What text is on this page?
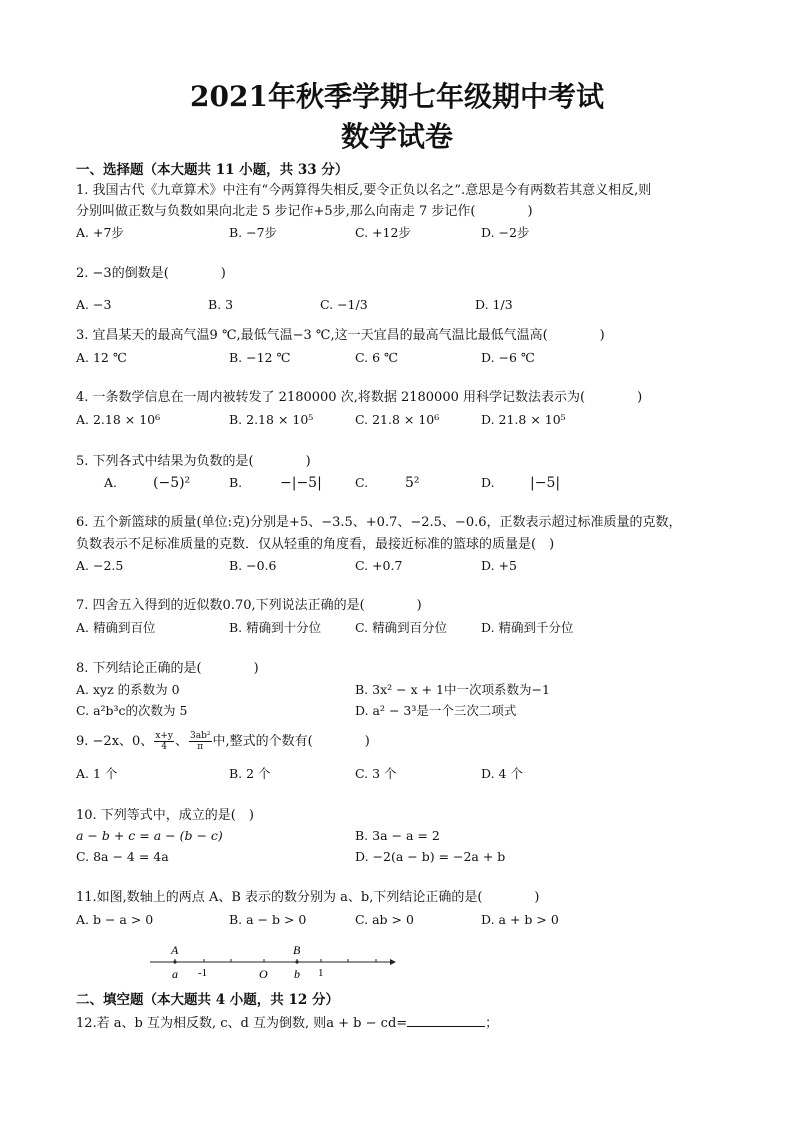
2021年秋季学期七年级期中考试
数学试卷
一、选择题（本大题共 11 小题，共 33 分）
1. 我国古代《九章算术》中注有“今两算得失相反,要令正负以名之”.意思是今有两数若其意义相反,则
分别叫做正数与负数如果向北走 5 步记作+5步,那么向南走 7 步记作(　　　　)
A. +7步	B. −7步	C. +12步	D. −2步
2. −3的倒数是(　　　　)
A. −3	B. 3	C. −1/3	D. 1/3
3. 宜昌某天的最高气温9 ℃,最低气温−3 ℃,这一天宜昌的最高气温比最低气温高(　　　　)
A. 12 ℃	B. −12 ℃	C. 6 ℃	D. −6 ℃
4. 一条数学信息在一周内被转发了 2180000 次,将数据 2180000 用科学记数法表示为(　　　　)
A. 2.18 × 10⁶	B. 2.18 × 10⁵	C. 21.8 × 10⁶	D. 21.8 × 10⁵
5. 下列各式中结果为负数的是(　　　　)
A.	(−5)²	B.	−|−5|	C.	5²	D.	|−5|
6. 五个新篮球的质量(单位:克)分别是+5、−3.5、+0.7、−2.5、−0.6，正数表示超过标准质量的克数，
负数表示不足标准质量的克数．仅从轻重的角度看，最接近标准的篮球的质量是(　)
A. −2.5	B. −0.6	C. +0.7	D. +5
7. 四舍五入得到的近似数0.70,下列说法正确的是(　　　　)
A. 精确到百位	B. 精确到十分位	C. 精确到百分位	D. 精确到千分位
8. 下列结论正确的是(　　　　)
A. xyz 的系数为 0	B. 3x² − x + 1中一次项系数为−1
C. a²b³c的次数为 5	D. a² − 3³是一个三次二项式
9. −2x、0、 $\frac{x+y}{4}$ 、 $\frac{\text{3ab²}}{\pi}$ 中,整式的个数有(　　　　)
A. 1 个	B. 2 个	C. 3 个	D. 4 个
10. 下列等式中，成立的是(　)
a − b + c = a − (b − c)	B. 3a − a = 2
C. 8a − 4 = 4a	D. −2(a − b) = −2a + b
11.如图,数轴上的两点 A、B 表示的数分别为 a、b,下列结论正确的是(　　　　)
A. b − a > 0	B. a − b > 0	C. ab > 0	D. a + b > 0
A	B
a -1	O b 1
二、填空题（本大题共 4 小题，共 12 分）
12.若 a、b 互为相反数, c、d 互为倒数, 则a + b − cd=	；
